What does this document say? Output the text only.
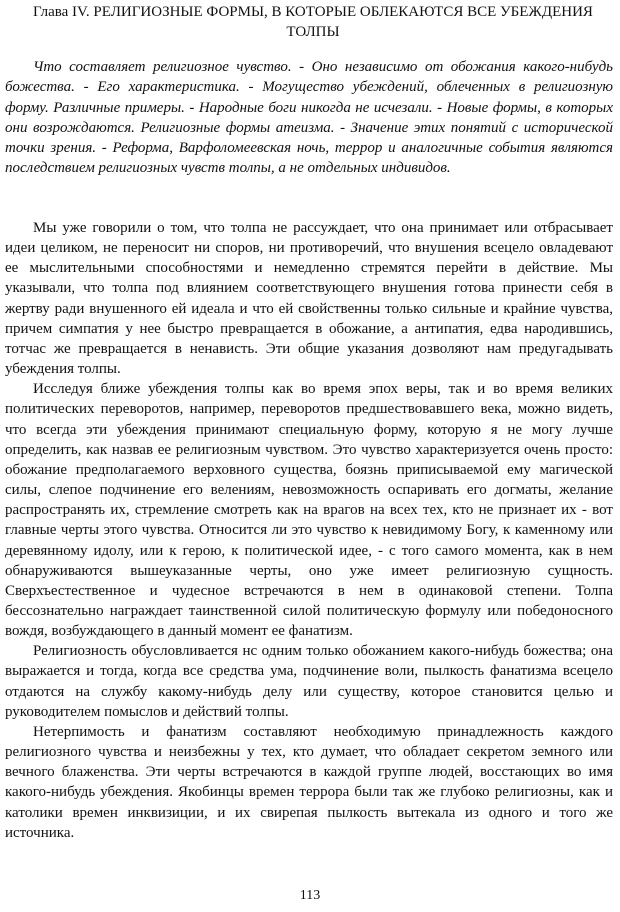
Глава IV. РЕЛИГИОЗНЫЕ ФОРМЫ, В КОТОРЫЕ ОБЛЕКАЮТСЯ ВСЕ УБЕЖДЕНИЯ ТОЛПЫ

Что составляет религиозное чувство. - Оно независимо от обожания какого-нибудь божества. - Его характеристика. - Могущество убеждений, облеченных в религиозную форму. Различные примеры. - Народные боги никогда не исчезали. - Новые формы, в которых они возрождаются. Религиозные формы атеизма. - Значение этих понятий с исторической точки зрения. - Реформа, Варфоломеевская ночь, террор и аналогичные события являются последствием религиозных чувств толпы, а не отдельных индивидов.

Мы уже говорили о том, что толпа не рассуждает, что она принимает или отбрасывает идеи целиком, не переносит ни споров, ни противоречий, что внушения всецело овладевают ее мыслительными способностями и немедленно стремятся перейти в действие. Мы указывали, что толпа под влиянием соответствующего внушения готова принести себя в жертву ради внушенного ей идеала и что ей свойственны только сильные и крайние чувства, причем симпатия у нее быстро превращается в обожание, а антипатия, едва народившись, тотчас же превращается в ненависть. Эти общие указания дозволяют нам предугадывать убеждения толпы.

Исследуя ближе убеждения толпы как во время эпох веры, так и во время великих политических переворотов, например, переворотов предшествовавшего века, можно видеть, что всегда эти убеждения принимают специальную форму, которую я не могу лучше определить, как назвав ее религиозным чувством. Это чувство характеризуется очень просто: обожание предполагаемого верховного существа, боязнь приписываемой ему магической силы, слепое подчинение его велениям, невозможность оспаривать его догматы, желание распространять их, стремление смотреть как на врагов на всех тех, кто не признает их - вот главные черты этого чувства. Относится ли это чувство к невидимому Богу, к каменному или деревянному идолу, или к герою, к политической идее, - с того самого момента, как в нем обнаруживаются вышеуказанные черты, оно уже имеет религиозную сущность. Сверхъестественное и чудесное встречаются в нем в одинаковой степени. Толпа бессознательно награждает таинственной силой политическую формулу или победоносного вождя, возбуждающего в данный момент ее фанатизм.

Религиозность обусловливается нс одним только обожанием какого-нибудь божества; она выражается и тогда, когда все средства ума, подчинение воли, пылкость фанатизма всецело отдаются на службу какому-нибудь делу или существу, которое становится целью и руководителем помыслов и действий толпы.

Нетерпимость и фанатизм составляют необходимую принадлежность каждого религиозного чувства и неизбежны у тех, кто думает, что обладает секретом земного или вечного блаженства. Эти черты встречаются в каждой группе людей, восстающих во имя какого-нибудь убеждения. Якобинцы времен террора были так же глубоко религиозны, как и католики времен инквизиции, и их свирепая пылкость вытекала из одного и того же источника.

113
